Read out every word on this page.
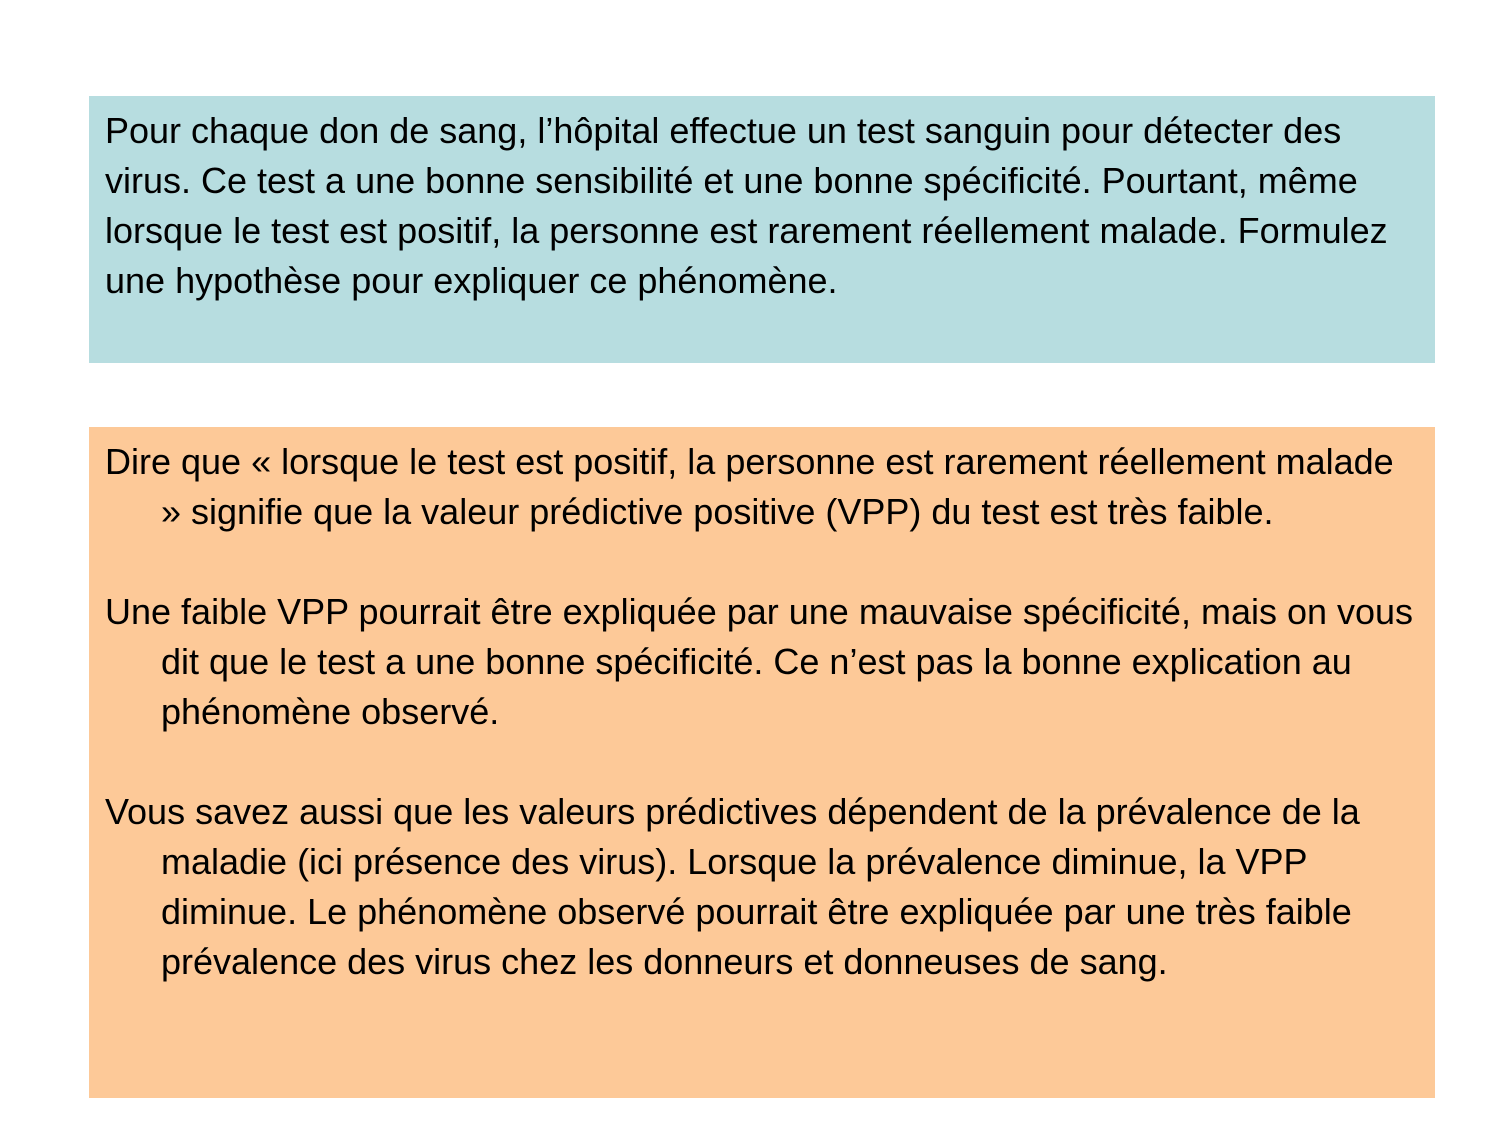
Pour chaque don de sang, l’hôpital effectue un test sanguin pour détecter des virus. Ce test a une bonne sensibilité et une bonne spécificité. Pourtant, même lorsque le test est positif, la personne est rarement réellement malade. Formulez une hypothèse pour expliquer ce phénomène.

Dire que « lorsque le test est positif, la personne est rarement réellement malade » signifie que la valeur prédictive positive (VPP) du test est très faible.

Une faible VPP pourrait être expliquée par une mauvaise spécificité, mais on vous dit que le test a une bonne spécificité. Ce n’est pas la bonne explication au phénomène observé.

Vous savez aussi que les valeurs prédictives dépendent de la prévalence de la maladie (ici présence des virus). Lorsque la prévalence diminue, la VPP diminue. Le phénomène observé pourrait être expliquée par une très faible prévalence des virus chez les donneurs et donneuses de sang.
